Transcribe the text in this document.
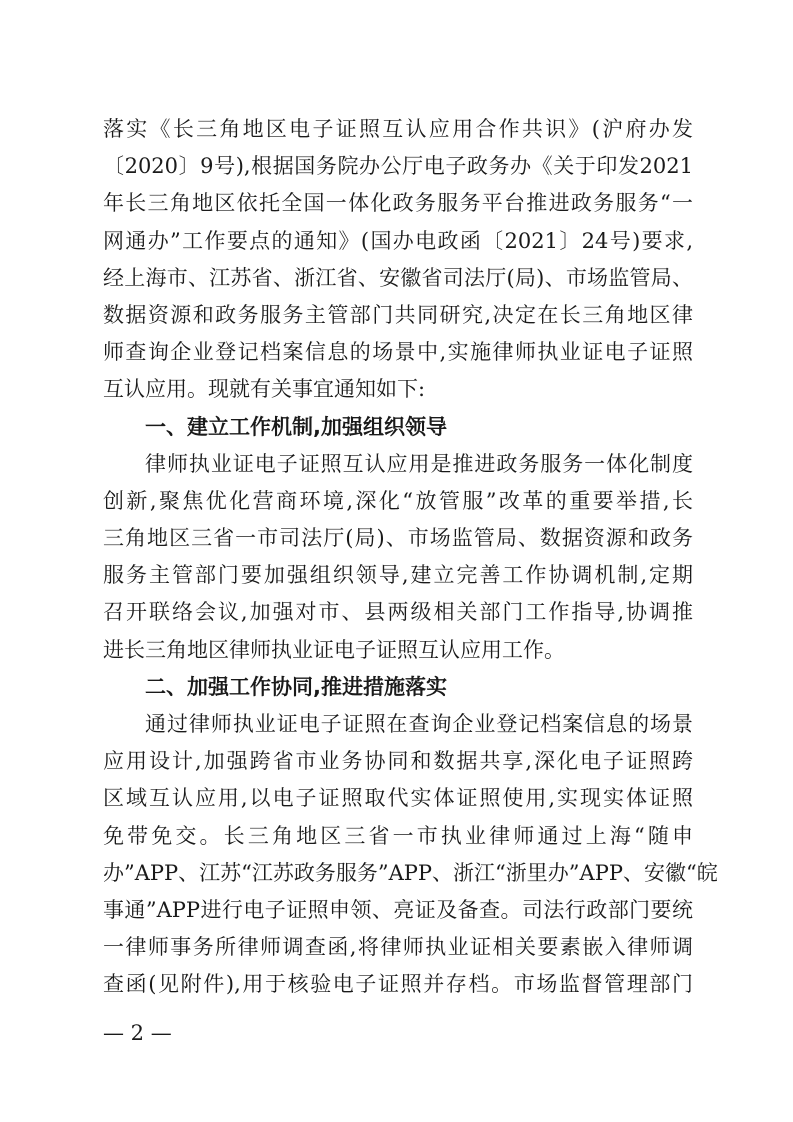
落实《长三角地区电子证照互认应用合作共识》(沪府办发
〔2020〕9号),根据国务院办公厅电子政务办《关于印发2021
年长三角地区依托全国一体化政务服务平台推进政务服务“一
网通办”工作要点的通知》(国办电政函〔2021〕24号)要求,
经上海市、江苏省、浙江省、安徽省司法厅(局)、市场监管局、
数据资源和政务服务主管部门共同研究,决定在长三角地区律
师查询企业登记档案信息的场景中,实施律师执业证电子证照
互认应用。现就有关事宜通知如下:
一、建立工作机制,加强组织领导
律师执业证电子证照互认应用是推进政务服务一体化制度
创新,聚焦优化营商环境,深化“放管服”改革的重要举措,长
三角地区三省一市司法厅(局)、市场监管局、数据资源和政务
服务主管部门要加强组织领导,建立完善工作协调机制,定期
召开联络会议,加强对市、县两级相关部门工作指导,协调推
进长三角地区律师执业证电子证照互认应用工作。
二、加强工作协同,推进措施落实
通过律师执业证电子证照在查询企业登记档案信息的场景
应用设计,加强跨省市业务协同和数据共享,深化电子证照跨
区域互认应用,以电子证照取代实体证照使用,实现实体证照
免带免交。长三角地区三省一市执业律师通过上海“随申
办”APP、江苏“江苏政务服务”APP、浙江“浙里办”APP、安徽“皖
事通”APP进行电子证照申领、亮证及备查。司法行政部门要统
一律师事务所律师调查函,将律师执业证相关要素嵌入律师调
查函(见附件),用于核验电子证照并存档。市场监督管理部门
— 2 —
